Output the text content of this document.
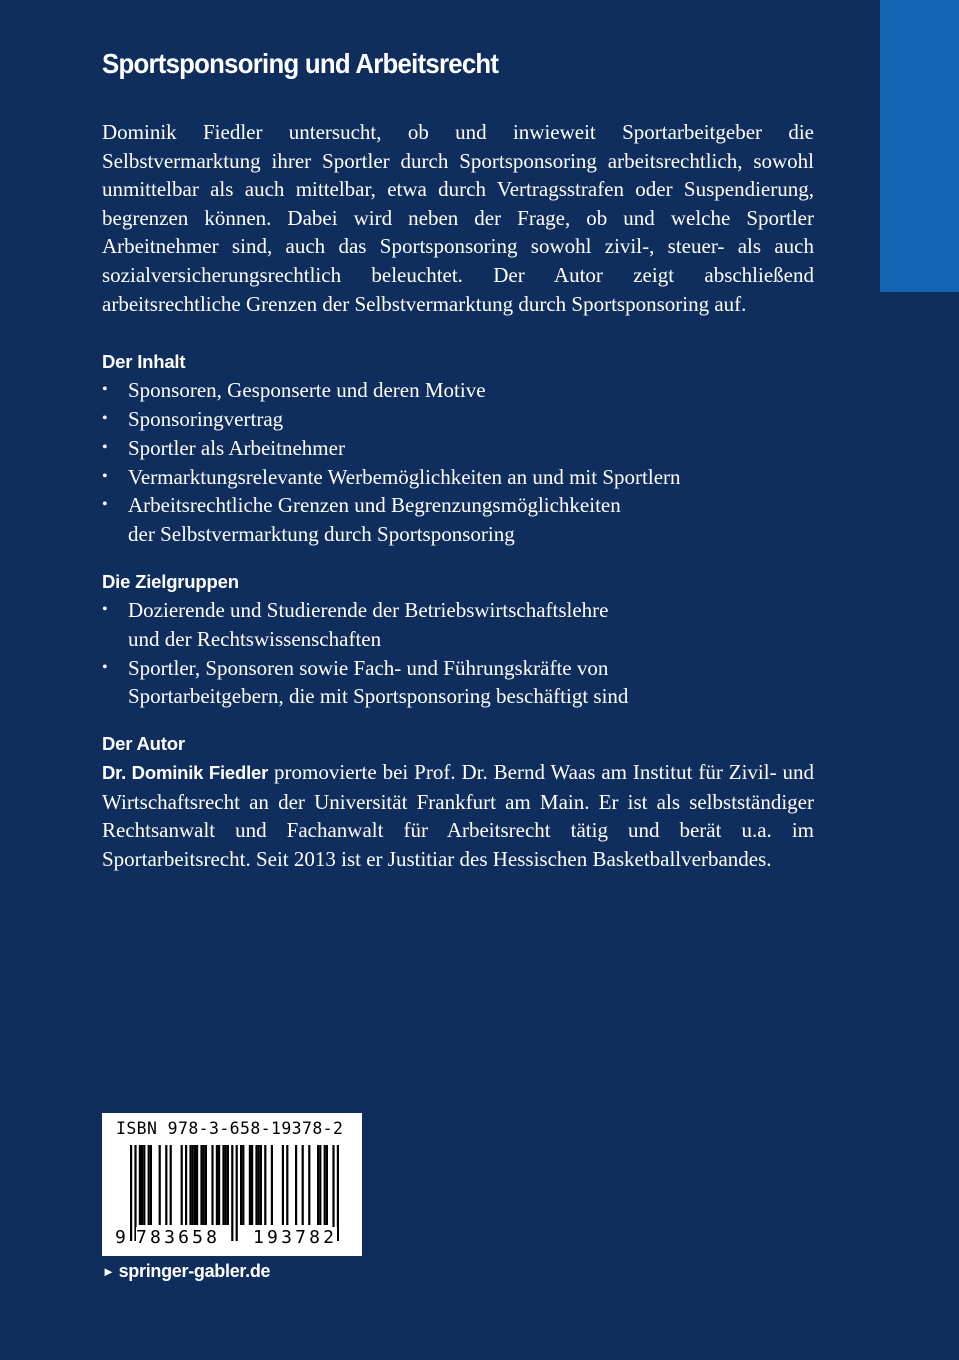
Sportsponsoring und Arbeitsrecht

Dominik Fiedler untersucht, ob und inwieweit Sportarbeitgeber die Selbstvermarktung ihrer Sportler durch Sportsponsoring arbeitsrechtlich, sowohl unmittelbar als auch mittelbar, etwa durch Vertragsstrafen oder Suspendierung, begrenzen können. Dabei wird neben der Frage, ob und welche Sportler Arbeitnehmer sind, auch das Sportsponsoring sowohl zivil-, steuer- als auch sozialversicherungsrechtlich beleuchtet. Der Autor zeigt abschließend arbeitsrechtliche Grenzen der Selbstvermarktung durch Sportsponsoring auf.

Der Inhalt
• Sponsoren, Gesponserte und deren Motive
• Sponsoringvertrag
• Sportler als Arbeitnehmer
• Vermarktungsrelevante Werbemöglichkeiten an und mit Sportlern
• Arbeitsrechtliche Grenzen und Begrenzungsmöglichkeiten
der Selbstvermarktung durch Sportsponsoring
Die Zielgruppen
• Dozierende und Studierende der Betriebswirtschaftslehre
und der Rechtswissenschaften
• Sportler, Sponsoren sowie Fach- und Führungskräfte von
Sportarbeitgebern, die mit Sportsponsoring beschäftigt sind
Der Autor

Dr. Dominik Fiedler promovierte bei Prof. Dr. Bernd Waas am Institut für Zivil- und Wirtschaftsrecht an der Universität Frankfurt am Main. Er ist als selbstständiger Rechtsanwalt und Fachanwalt für Arbeitsrecht tätig und berät u.a. im Sportarbeitsrecht. Seit 2013 ist er Justitiar des Hessischen Basketballverbandes.

ISBN 978-3-658-19378-2
9 783658 193782
► springer-gabler.de
